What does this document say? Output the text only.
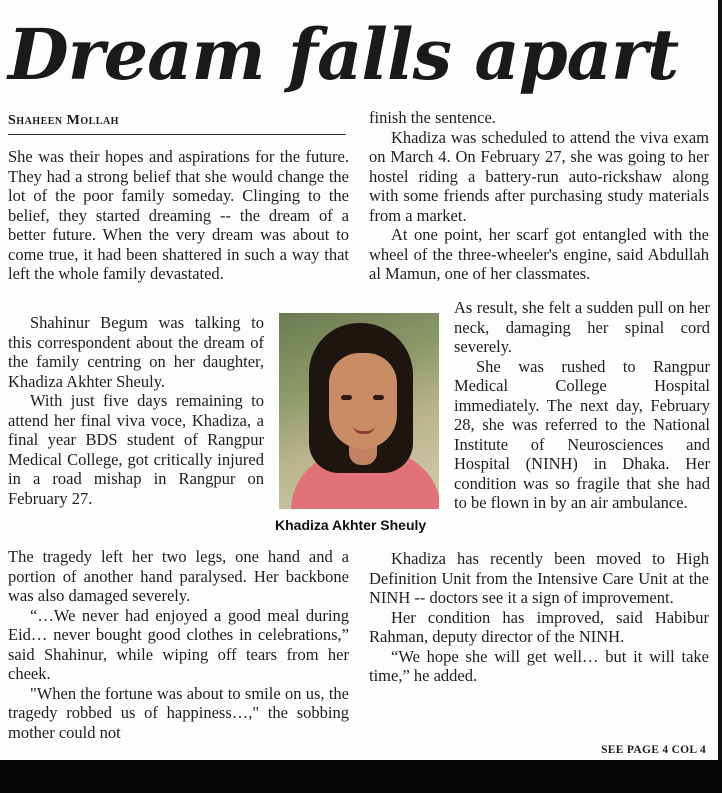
Dream falls apart
Shaheen Mollah

She was their hopes and aspirations for the future. They had a strong belief that she would change the lot of the poor family someday. Clinging to the belief, they started dreaming -- the dream of a better future. When the very dream was about to come true, it had been shattered in such a way that left the whole family devastated.

Shahinur Begum was talking to this correspondent about the dream of the family centring on her daughter, Khadiza Akhter Sheuly.

With just five days remaining to attend her final viva voce, Khadiza, a final year BDS student of Rangpur Medical College, got critically injured in a road mishap in Rangpur on February 27.

The tragedy left her two legs, one hand and a portion of another hand paralysed. Her backbone was also damaged severely.

“…We never had enjoyed a good meal during Eid… never bought good clothes in celebrations,” said Shahinur, while wiping off tears from her cheek.

"When the fortune was about to smile on us, the tragedy robbed us of happiness…," the sobbing mother could not

Khadiza Akhter Sheuly

finish the sentence.

Khadiza was scheduled to attend the viva exam on March 4. On February 27, she was going to her hostel riding a battery-run auto-rickshaw along with some friends after purchasing study materials from a market.

At one point, her scarf got entangled with the wheel of the three-wheeler's engine, said Abdullah al Mamun, one of her classmates.

As result, she felt a sudden pull on her neck, damaging her spinal cord severely.

She was rushed to Rangpur Medical College Hospital immediately. The next day, February 28, she was referred to the National Institute of Neurosciences and Hospital (NINH) in Dhaka. Her condition was so fragile that she had to be flown in by an air ambulance.

Khadiza has recently been moved to High Definition Unit from the Intensive Care Unit at the NINH -- doctors see it a sign of improvement.

Her condition has improved, said Habibur Rahman, deputy director of the NINH.

“We hope she will get well… but it will take time,” he added.

SEE PAGE 4 COL 4
